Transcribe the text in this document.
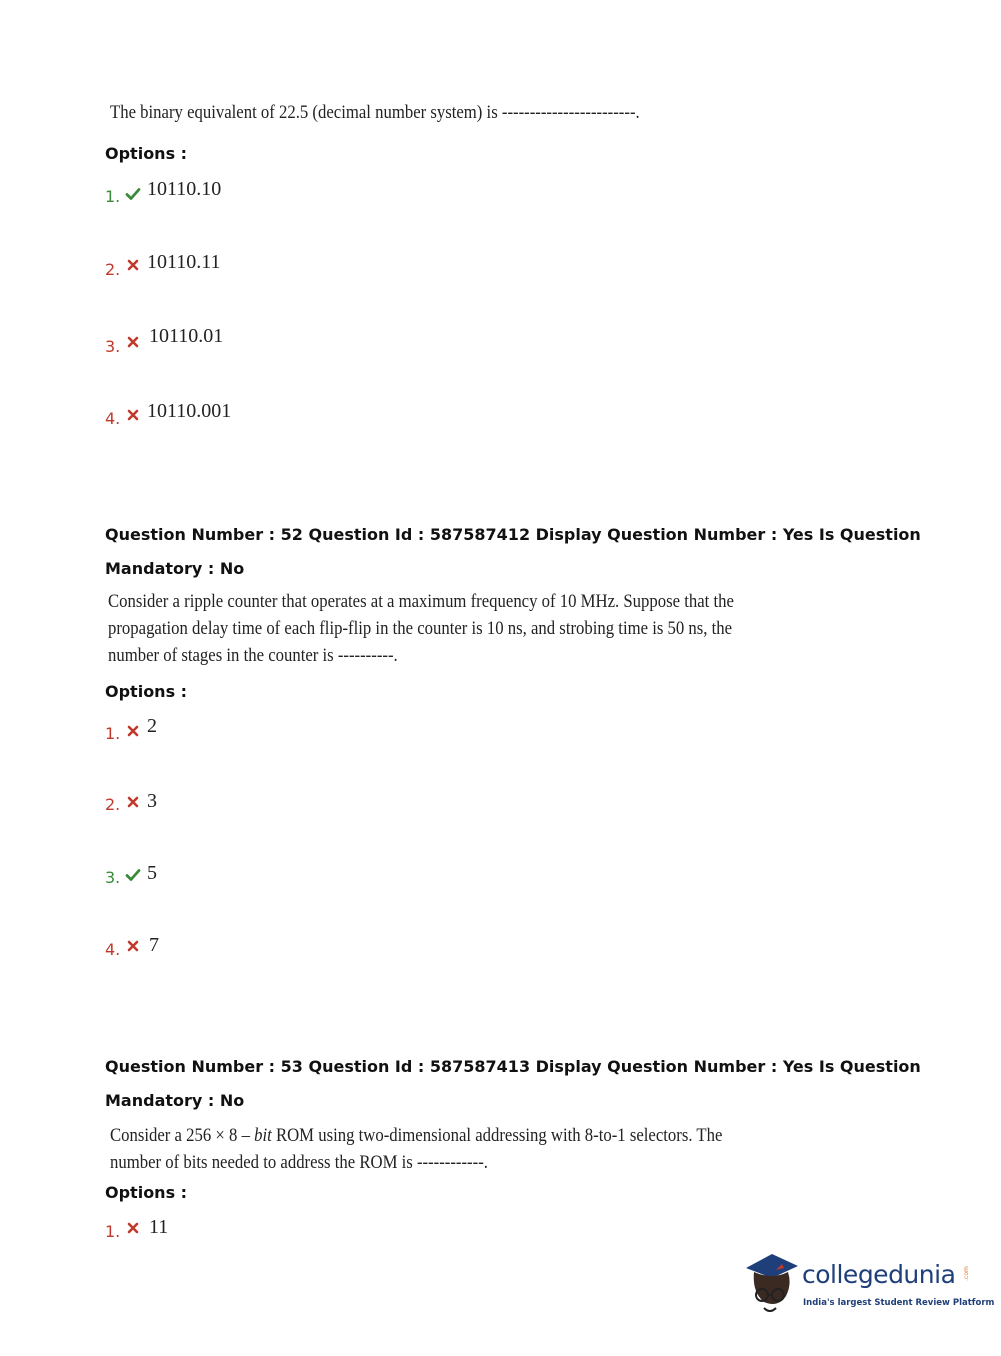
The binary equivalent of 22.5 (decimal number system) is ------------------------.
Options :
1. 10110.10
2. 10110.11
3. 10110.01
4. 10110.001
Question Number : 52 Question Id : 587587412 Display Question Number : Yes Is Question
Mandatory : No
Consider a ripple counter that operates at a maximum frequency of 10 MHz. Suppose that the
propagation delay time of each flip-flip in the counter is 10 ns, and strobing time is 50 ns, the
number of stages in the counter is ----------.
Options :
1. 2
2. 3
3. 5
4. 7
Question Number : 53 Question Id : 587587413 Display Question Number : Yes Is Question
Mandatory : No
Consider a 256 × 8 – bit ROM using two-dimensional addressing with 8-to-1 selectors. The
number of bits needed to address the ROM is ------------.
Options :
1. 11
collegedunia .com
India's largest Student Review Platform
